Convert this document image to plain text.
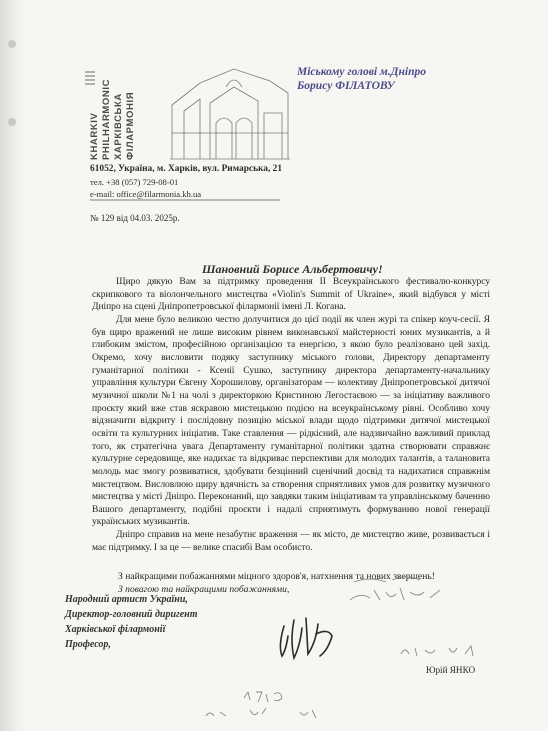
KHARKIV PHILHARMONIC ХАРКІВСЬКА ФІЛАРМОНІЯ
Міському голові м.Дніпро
Борису ФІЛАТОВУ
61052, Україна, м. Харків, вул. Римарська, 21
тел. +38 (057) 729-08-01
e-mail: office@filarmonia.kh.ua
№ 129 від 04.03. 2025р.
Шановний Борисе Альбертовичу!

Щиро дякую Вам за підтримку проведення II Всеукраїнського фестивалю-конкурсу скрипкового та віолончельного мистецтва «Violin's Summit of Ukraine», який відбувся у місті Дніпро на сцені Дніпропетровської філармонії імені Л. Когана.

Для мене було великою честю долучитися до цієї події як член журі та спікер коуч-сесії. Я був щиро вражений не лише високим рівнем виконавської майстерності юних музикантів, а й глибоким змістом, професійною організацією та енергією, з якою було реалізовано цей захід. Окремо, хочу висловити подяку заступнику міського голови, Директору департаменту гуманітарної політики - Ксенії Сушко, заступнику директора департаменту-начальнику управління культури Євгену Хорошилову, організаторам — колективу Дніпропетровської дитячої музичної школи №1 на чолі з директоркою Кристиною Легостаєвою — за ініціативу важливого проєкту який вже став яскравою мистецькою подією на всеукраїнському рівні. Особливо хочу відзначити відкриту і послідовну позицію міської влади щодо підтримки дитячої мистецької освіти та культурних ініціатив. Таке ставлення — рідкісний, але надзвичайно важливий приклад того, як стратегічна увага Департаменту гуманітарної політики здатна створювати справжнє культурне середовище, яке надихає та відкриває перспективи для молодих талантів, а талановита молодь має змогу розвиватися, здобувати безцінний сценічний досвід та надихатися справжнім мистецтвом. Висловлюю щиру вдячність за створення сприятливих умов для розвитку музичного мистецтва у місті Дніпро. Переконаний, що завдяки таким ініціативам та управлінському баченню Вашого департаменту, подібні проєкти і надалі сприятимуть формуванню нової генерації українських музикантів.

Дніпро справив на мене незабутнє враження — як місто, де мистецтво живе, розвивається і має підтримку. І за це — велике спасибі Вам особисто.

З найкращими побажаннями міцного здоров'я, натхнення та нових звершень!
З повагою та найкращими побажаннями,
Народний артист України,
Директор-головний диригент
Харківської філармонії
Професор,
Юрій ЯНКО
